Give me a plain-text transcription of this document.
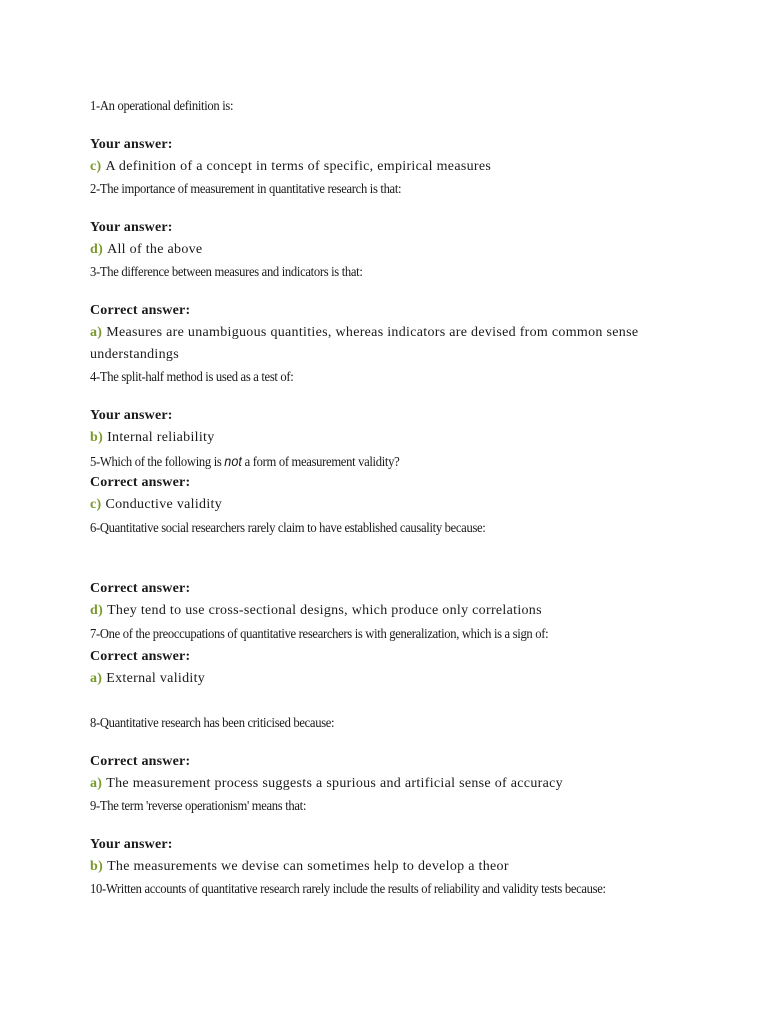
1-An operational definition is:
Your answer:
c) A definition of a concept in terms of specific, empirical measures
2-The importance of measurement in quantitative research is that:
Your answer:
d) All of the above
3-The difference between measures and indicators is that:
Correct answer:
a) Measures are unambiguous quantities, whereas indicators are devised from common sense understandings
4-The split-half method is used as a test of:
Your answer:
b) Internal reliability
5-Which of the following is not a form of measurement validity?
Correct answer:
c) Conductive validity
6-Quantitative social researchers rarely claim to have established causality because:
Correct answer:
d) They tend to use cross-sectional designs, which produce only correlations
7-One of the preoccupations of quantitative researchers is with generalization, which is a sign of:
Correct answer:
a) External validity
8-Quantitative research has been criticised because:
Correct answer:
a) The measurement process suggests a spurious and artificial sense of accuracy
9-The term 'reverse operationism' means that:
Your answer:
b) The measurements we devise can sometimes help to develop a theor
10-Written accounts of quantitative research rarely include the results of reliability and validity tests because:
